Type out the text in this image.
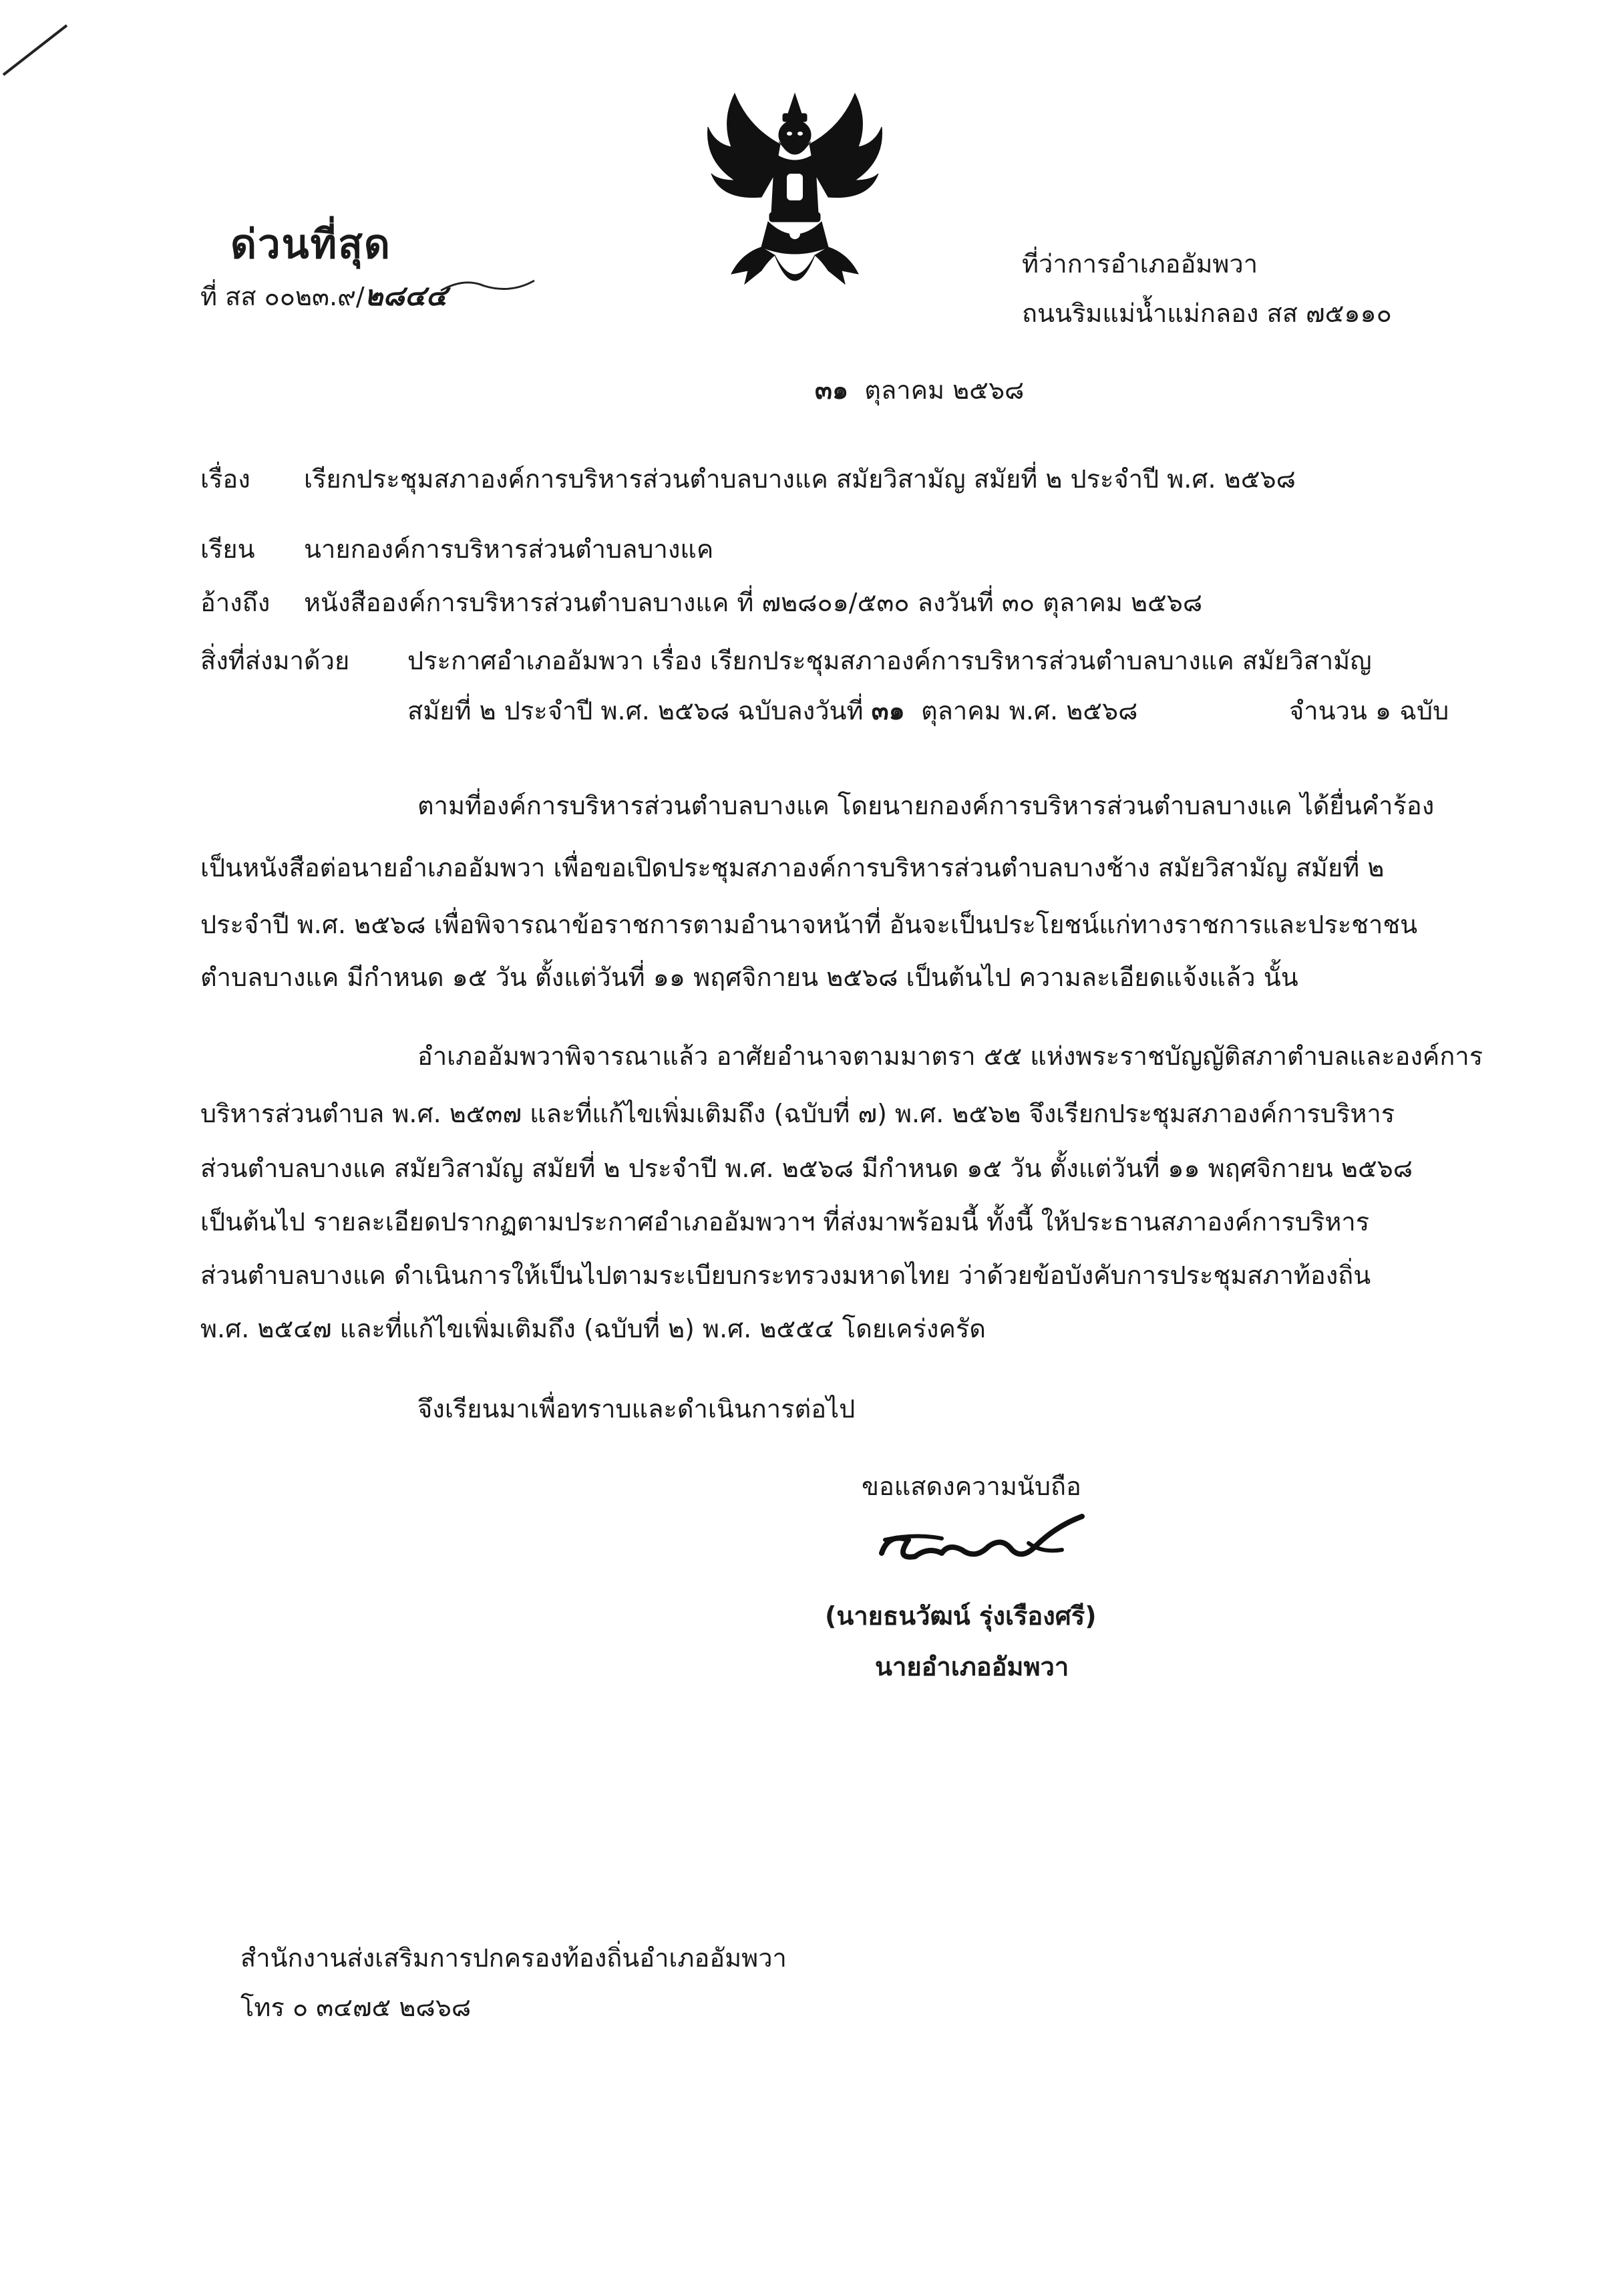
ด่วนที่สุด
ที่ สส ๐๐๒๓.๙/๒๘๔๔
ที่ว่าการอำเภออัมพวา
ถนนริมแม่น้ำแม่กลอง สส ๗๕๑๑๐
๓๑ ตุลาคม ๒๕๖๘
เรื่อง เรียกประชุมสภาองค์การบริหารส่วนตำบลบางแค สมัยวิสามัญ สมัยที่ ๒ ประจำปี พ.ศ. ๒๕๖๘
เรียน นายกองค์การบริหารส่วนตำบลบางแค
อ้างถึง หนังสือองค์การบริหารส่วนตำบลบางแค ที่ ๗๒๘๐๑/๕๓๐ ลงวันที่ ๓๐ ตุลาคม ๒๕๖๘
สิ่งที่ส่งมาด้วย ประกาศอำเภออัมพวา เรื่อง เรียกประชุมสภาองค์การบริหารส่วนตำบลบางแค สมัยวิสามัญ
สมัยที่ ๒ ประจำปี พ.ศ. ๒๕๖๘ ฉบับลงวันที่ ๓๑ ตุลาคม พ.ศ. ๒๕๖๘	จำนวน ๑ ฉบับ
ตามที่องค์การบริหารส่วนตำบลบางแค โดยนายกองค์การบริหารส่วนตำบลบางแค ได้ยื่นคำร้อง
เป็นหนังสือต่อนายอำเภออัมพวา เพื่อขอเปิดประชุมสภาองค์การบริหารส่วนตำบลบางช้าง สมัยวิสามัญ สมัยที่ ๒
ประจำปี พ.ศ. ๒๕๖๘ เพื่อพิจารณาข้อราชการตามอำนาจหน้าที่ อันจะเป็นประโยชน์แก่ทางราชการและประชาชน
ตำบลบางแค มีกำหนด ๑๕ วัน ตั้งแต่วันที่ ๑๑ พฤศจิกายน ๒๕๖๘ เป็นต้นไป ความละเอียดแจ้งแล้ว นั้น
อำเภออัมพวาพิจารณาแล้ว อาศัยอำนาจตามมาตรา ๕๕ แห่งพระราชบัญญัติสภาตำบลและองค์การ
บริหารส่วนตำบล พ.ศ. ๒๕๓๗ และที่แก้ไขเพิ่มเติมถึง (ฉบับที่ ๗) พ.ศ. ๒๕๖๒ จึงเรียกประชุมสภาองค์การบริหาร
ส่วนตำบลบางแค สมัยวิสามัญ สมัยที่ ๒ ประจำปี พ.ศ. ๒๕๖๘ มีกำหนด ๑๕ วัน ตั้งแต่วันที่ ๑๑ พฤศจิกายน ๒๕๖๘
เป็นต้นไป รายละเอียดปรากฏตามประกาศอำเภออัมพวาฯ ที่ส่งมาพร้อมนี้ ทั้งนี้ ให้ประธานสภาองค์การบริหาร
ส่วนตำบลบางแค ดำเนินการให้เป็นไปตามระเบียบกระทรวงมหาดไทย ว่าด้วยข้อบังคับการประชุมสภาท้องถิ่น
พ.ศ. ๒๕๔๗ และที่แก้ไขเพิ่มเติมถึง (ฉบับที่ ๒) พ.ศ. ๒๕๕๔ โดยเคร่งครัด
จึงเรียนมาเพื่อทราบและดำเนินการต่อไป
ขอแสดงความนับถือ
(นายธนวัฒน์ รุ่งเรืองศรี)
นายอำเภออัมพวา
สำนักงานส่งเสริมการปกครองท้องถิ่นอำเภออัมพวา
โทร ๐ ๓๔๗๕ ๒๘๖๘
